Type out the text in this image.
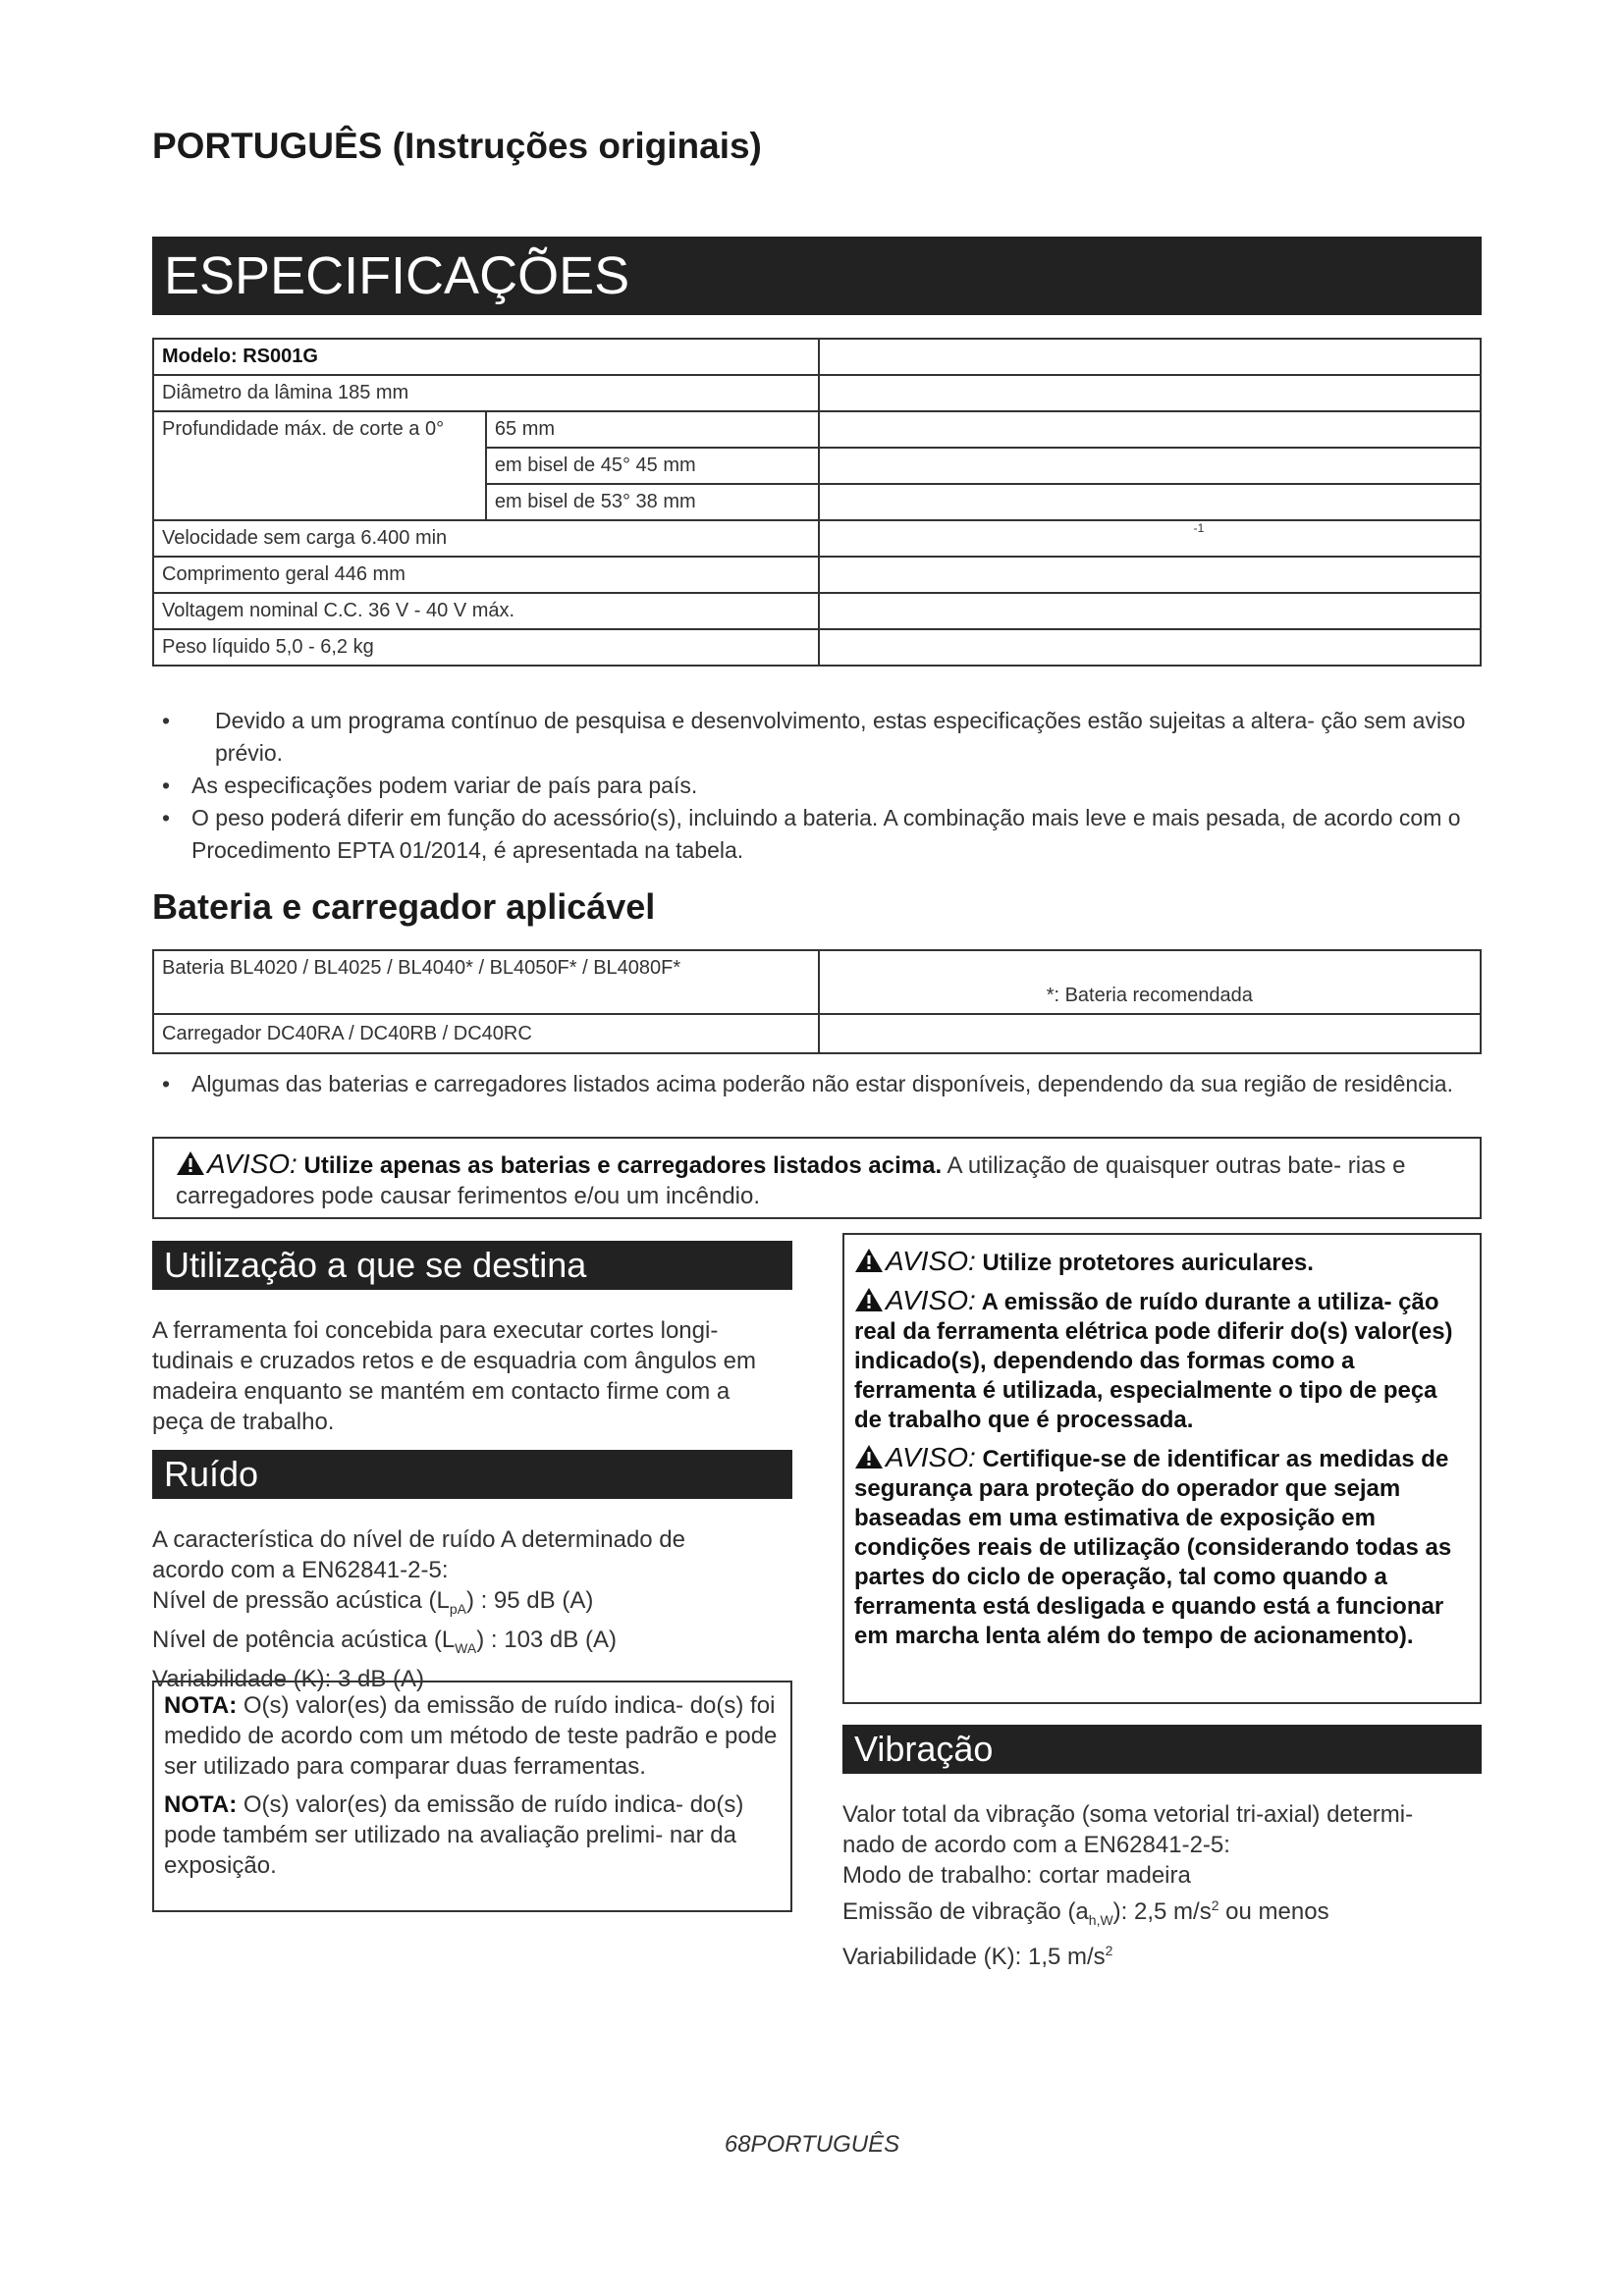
PORTUGUÊS (Instruções originais)
ESPECIFICAÇÕES
Modelo: RS001G		
Diâmetro da lâmina 185 mm		
Profundidade máx. de corte a 0°	65 mm	
	em bisel de 45° 45 mm	
	em bisel de 53° 38 mm	
Velocidade sem carga 6.400 min		-1

Comprimento geral 446 mm		
Voltagem nominal C.C. 36 V - 40 V máx.		
Peso líquido 5,0 - 6,2 kg		
• Devido a um programa contínuo de pesquisa e desenvolvimento, estas especificações estão sujeitas a altera- ção sem aviso prévio.
• As especificações podem variar de país para país.
• O peso poderá diferir em função do acessório(s), incluindo a bateria. A combinação mais leve e mais pesada, de acordo com o Procedimento EPTA 01/2014, é apresentada na tabela.
Bateria e carregador aplicável
Bateria BL4020 / BL4025 / BL4040* / BL4050F* / BL4080F*	*: Bateria recomendada
Carregador DC40RA / DC40RB / DC40RC	
• Algumas das baterias e carregadores listados acima poderão não estar disponíveis, dependendo da sua região de residência.
AVISO: Utilize apenas as baterias e carregadores listados acima. A utilização de quaisquer outras bate- rias e carregadores pode causar ferimentos e/ou um incêndio.
Utilização a que se destina
A ferramenta foi concebida para executar cortes longi- tudinais e cruzados retos e de esquadria com ângulos em madeira enquanto se mantém em contacto firme com a peça de trabalho.
Ruído
A característica do nível de ruído A determinado de
acordo com a EN62841-2-5:
Nível de pressão acústica $(L_{pA})$ : 95 dB (A)
Nível de potência acústica $(L_{WA})$ : 103 dB (A)
Variabilidade (K): 3 dB (A)

NOTA: O(s) valor(es) da emissão de ruído indica- do(s) foi medido de acordo com um método de teste padrão e pode ser utilizado para comparar duas ferramentas.

NOTA: O(s) valor(es) da emissão de ruído indica- do(s) pode também ser utilizado na avaliação prelimi- nar da exposição.

AVISO: Utilize protetores auriculares.

AVISO: A emissão de ruído durante a utiliza- ção real da ferramenta elétrica pode diferir do(s) valor(es) indicado(s), dependendo das formas como a ferramenta é utilizada, especialmente o tipo de peça de trabalho que é processada.

AVISO: Certifique-se de identificar as medidas de segurança para proteção do operador que sejam baseadas em uma estimativa de exposição em condições reais de utilização (considerando todas as partes do ciclo de operação, tal como quando a ferramenta está desligada e quando está a funcionar em marcha lenta além do tempo de acionamento).

Vibração
Valor total da vibração (soma vetorial tri-axial) determi-
nado de acordo com a EN62841-2-5:
Modo de trabalho: cortar madeira
Emissão de vibração $(a_{h,W})$: 2,5 $m/s^2$ ou menos
Variabilidade (K): 1,5 $m/s^2$
68PORTUGUÊS
